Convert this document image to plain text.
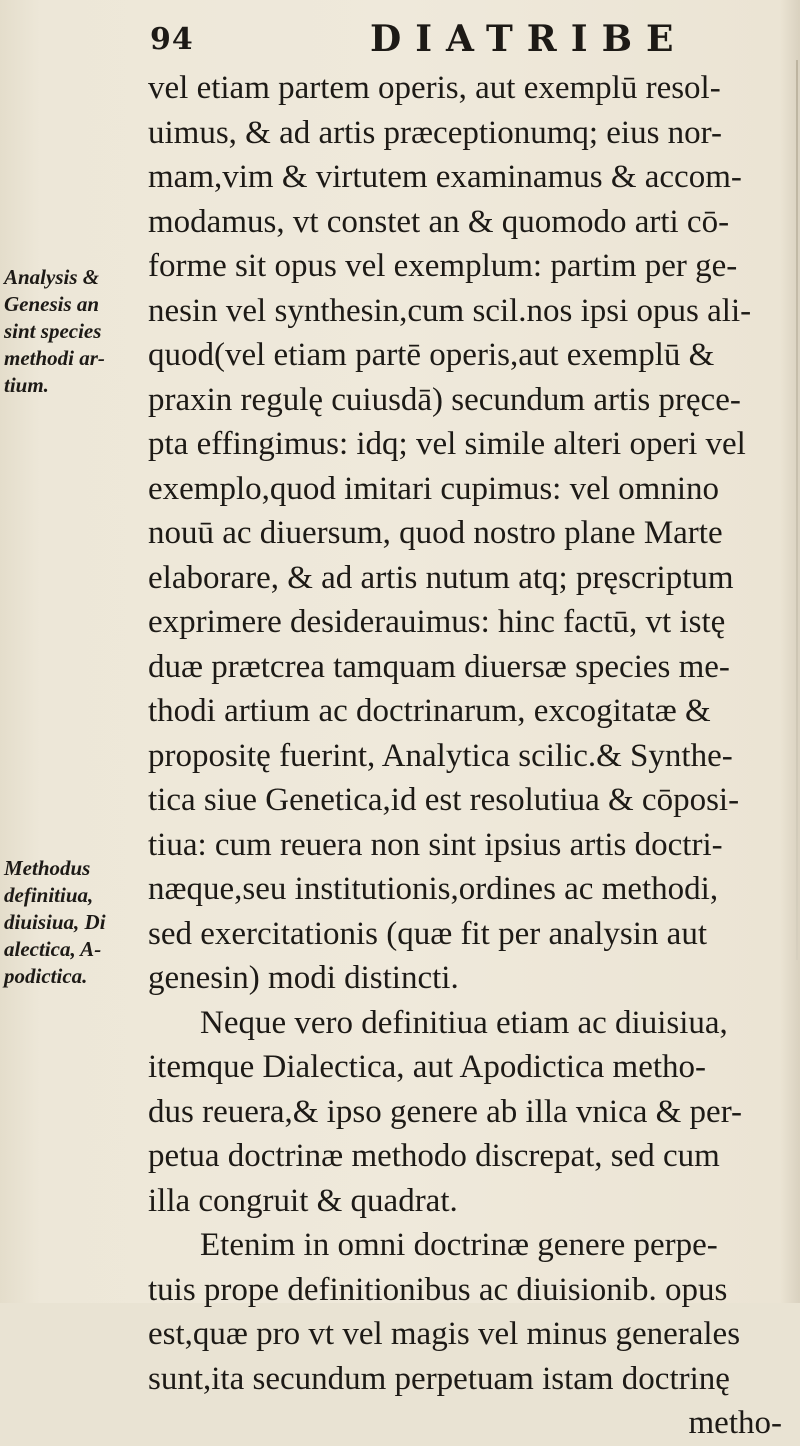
94	DIATRIBE
Analysis &
Genesis an
sint species
methodi ar-
tium.
Methodus
definitiua,
diuisiua, Di
alectica, A-
podictica.
vel etiam partem operis, aut exemplū resol-
uimus, & ad artis præceptionumq; eius nor-
mam,vim & virtutem examinamus & accom-
modamus, vt constet an & quomodo arti cō-
forme sit opus vel exemplum: partim per ge-
nesin vel synthesin,cum scil.nos ipsi opus ali-
quod(vel etiam partē operis,aut exemplū &
praxin regulę cuiusdā) secundum artis pręce-
pta effingimus: idq; vel simile alteri operi vel
exemplo,quod imitari cupimus: vel omnino
nouū ac diuersum, quod nostro plane Marte
elaborare, & ad artis nutum atq; pręscriptum
exprimere desiderauimus: hinc factū, vt istę
duæ prætcrea tamquam diuersæ species me-
thodi artium ac doctrinarum, excogitatæ &
propositę fuerint, Analytica scilic.& Synthe-
tica siue Genetica,id est resolutiua & cōposi-
tiua: cum reuera non sint ipsius artis doctri-
næque,seu institutionis,ordines ac methodi,
sed exercitationis (quæ fit per analysin aut
genesin) modi distincti.
Neque vero definitiua etiam ac diuisiua,
itemque Dialectica, aut Apodictica metho-
dus reuera,& ipso genere ab illa vnica & per-
petua doctrinæ methodo discrepat, sed cum
illa congruit & quadrat.
Etenim in omni doctrinæ genere perpe-
tuis prope definitionibus ac diuisionib. opus
est,quæ pro vt vel magis vel minus generales
sunt,ita secundum perpetuam istam doctrinę
metho-
